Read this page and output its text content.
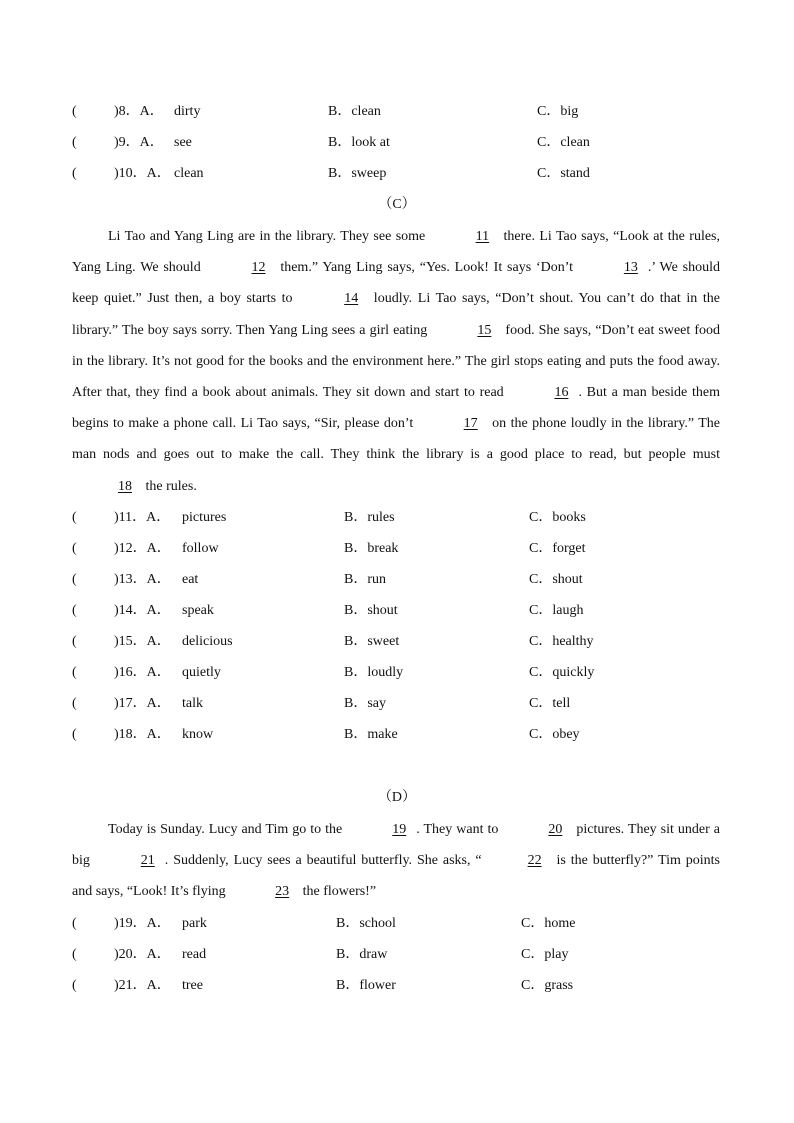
(	)8．A． dirty	B．clean	C．big
(	)9．A． see	B．look at	C．clean
(	)10．A． clean	B．sweep	C．stand
（C）

Li Tao and Yang Ling are in the library. They see some	11 there. Li Tao says, “Look at the rules, Yang Ling. We should	12 them.” Yang Ling says, “Yes. Look! It says ‘Don’t	13 .’ We should keep quiet.” Just then, a boy starts to	14 loudly. Li Tao says, “Don’t shout. You can’t do that in the library.” The boy says sorry. Then Yang Ling sees a girl eating	15 food. She says, “Don’t eat sweet food in the library. It’s not good for the books and the environment here.” The girl stops eating and puts the food away. After that, they find a book about animals. They sit down and start to read	16 . But a man beside them begins to make a phone call. Li Tao says, “Sir, please don’t	17 on the phone loudly in the library.” The man nods and goes out to make the call. They think the library is a good place to read, but people must 18 the rules.

(	)11．A． pictures	B．rules	C．books
(	)12．A． follow	B．break	C．forget
(	)13．A． eat	B．run	C．shout
(	)14．A． speak	B．shout	C．laugh
(	)15．A． delicious	B．sweet	C．healthy
(	)16．A． quietly	B．loudly	C．quickly
(	)17．A． talk	B．say	C．tell
(	)18．A． know	B．make	C．obey
（D）

Today is Sunday. Lucy and Tim go to the	19 . They want to	20 pictures. They sit under a big	21 . Suddenly, Lucy sees a beautiful butterfly. She asks, “	22 is the butterfly?” Tim points and says, “Look! It’s flying	23 the flowers!”

(	)19．A． park	B．school	C．home
(	)20．A． read	B．draw	C．play
(	)21．A． tree	B．flower	C．grass
